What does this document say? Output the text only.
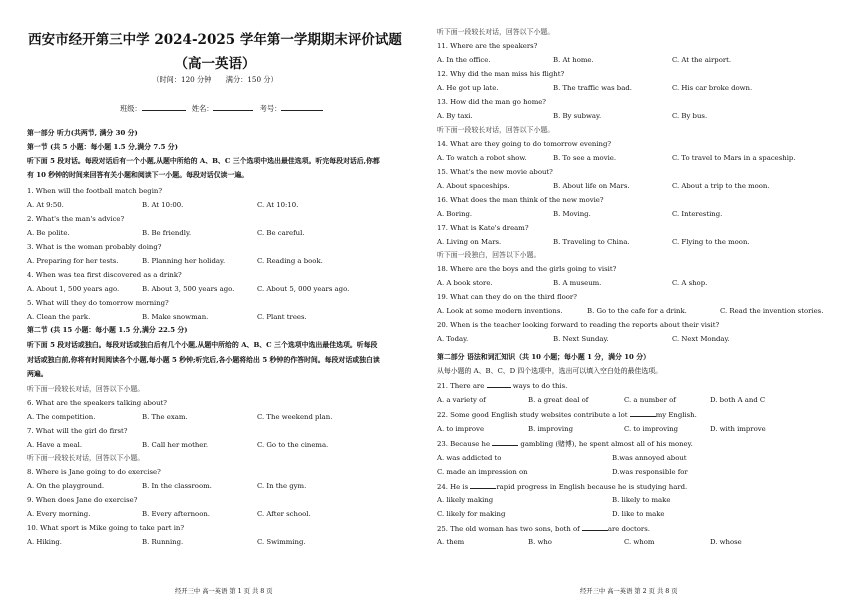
西安市经开第三中学 2024-2025 学年第一学期期末评价试题
（高一英语）
（时间：120 分钟　　满分：150 分）
班级：	姓名：	考号：
第一部分 听力(共两节, 满分 30 分)
第一节 (共 5 小题：每小题 1.5 分,满分 7.5 分)
听下面 5 段对话。每段对话后有一个小题,从题中所给的 A、B、C 三个选项中选出最佳选项。听完每段对话后,你都
有 10 秒钟的时间来回答有关小题和阅读下一小题。每段对话仅读一遍。
第二节 (共 15 小题：每小题 1.5 分,满分 22.5 分)
听下面 5 段对话或独白。每段对话或独白后有几个小题,从题中所给的 A、B、C 三个选项中选出最佳选项。听每段
对话或独白前,你将有时间阅读各个小题,每小题 5 秒钟;听完后,各小题将给出 5 秒钟的作答时间。每段对话或独白读
两遍。
听下面一段较长对话，回答以下小题。
听下面一段较长对话，回答以下小题。
经开三中 高一英语 第 1 页 共 8 页
1. When will the football match begin?
A. At 9:50.	B. At 10:00.	C. At 10:10.
2. What's the man's advice?
A. Be polite.	B. Be friendly.	C. Be careful.
3. What is the woman probably doing?
A. Preparing for her tests.	B. Planning her holiday.	C. Reading a book.
4. When was tea first discovered as a drink?
A. About 1, 500 years ago.	B. About 3, 500 years ago.	C. About 5, 000 years ago.
5. What will they do tomorrow morning?
A. Clean the park.	B. Make snowman.	C. Plant trees.
6. What are the speakers talking about?
A. The competition.	B. The exam.	C. The weekend plan.
7. What will the girl do first?
A. Have a meal.	B. Call her mother.	C. Go to the cinema.
8. Where is Jane going to do exercise?
A. On the playground.	B. In the classroom.	C. In the gym.
9. When does Jane do exercise?
A. Every morning.	B. Every afternoon.	C. After school.
10. What sport is Mike going to take part in?
A. Hiking.	B. Running.	C. Swimming.
听下面一段较长对话，回答以下小题。
听下面一段较长对话，回答以下小题。
听下面一段独白，回答以下小题。
第二部分 语法和词汇知识（共 10 小题；每小题 1 分，满分 10 分）
从每小题的 A、B、C、D 四个选项中，选出可以填入空白处的最佳选项。
经开三中 高一英语 第 2 页 共 8 页
11. Where are the speakers?
A. In the office.	B. At home.	C. At the airport.
12. Why did the man miss his flight?
A. He got up late.	B. The traffic was bad.	C. His car broke down.
13. How did the man go home?
A. By taxi.	B. By subway.	C. By bus.
14. What are they going to do tomorrow evening?
A. To watch a robot show.	B. To see a movie.	C. To travel to Mars in a spaceship.
15. What's the new movie about?
A. About spaceships.	B. About life on Mars.	C. About a trip to the moon.
16. What does the man think of the new movie?
A. Boring.	B. Moving.	C. Interesting.
17. What is Kate's dream?
A. Living on Mars.	B. Traveling to China.	C. Flying to the moon.
18. Where are the boys and the girls going to visit?
A. A book store.	B. A museum.	C. A shop.
19. What can they do on the third floor?
A. Look at some modern inventions.	B. Go to the cafe for a drink.	C. Read the invention stories.
20. When is the teacher looking forward to reading the reports about their visit?
A. Today.	B. Next Sunday.	C. Next Monday.
21. There are	ways to do this.
A. a variety of	B. a great deal of	C. a number of	D. both A and C
22. Some good English study websites contribute a lot	my English.
A. to improve	B. improving	C. to improving	D. with improve
23. Because he	gambling (赌博), he spent almost all of his money.
A. was addicted to	B.was annoyed about
C. made an impression on	D.was responsible for
24. He is	rapid progress in English because he is studying hard.
A. likely making	B. likely to make
C. likely for making	D. like to make
25. The old woman has two sons, both of	are doctors.
A. them	B. who	C. whom	D. whose
